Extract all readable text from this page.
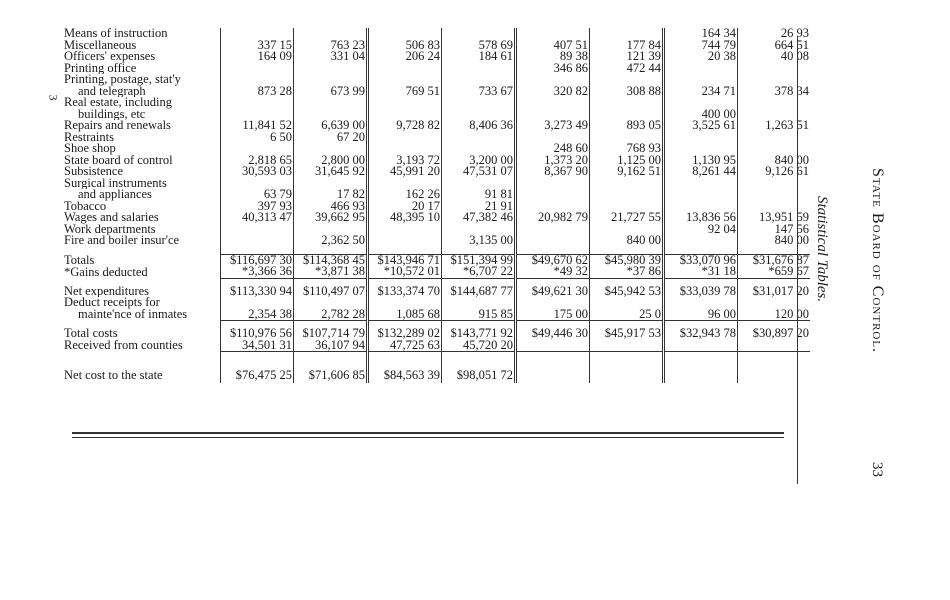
Means of instruction							164 34	26 93
Miscellaneous	337 15	763 23	506 83	578 69	407 51	177 84	744 79	664 51
Officers' expenses	164 09	331 04	206 24	184 61	89 38	121 39	20 38	40 08
Printing office					346 86	472 44		
Printing, postage, stat'y								
and telegraph	873 28	673 99	769 51	733 67	320 82	308 88	234 71	378 34
Real estate, including								
buildings, etc							400 00	
Repairs and renewals	11,841 52	6,639 00	9,728 82	8,406 36	3,273 49	893 05	3,525 61	1,263 51
Restraints	6 50	67 20						
Shoe shop					248 60	768 93		
State board of control	2,818 65	2,800 00	3,193 72	3,200 00	1,373 20	1,125 00	1,130 95	840 00
Subsistence	30,593 03	31,645 92	45,991 20	47,531 07	8,367 90	9,162 51	8,261 44	9,126 61
Surgical instruments								
and appliances	63 79	17 82	162 26	91 81				
Tobacco	397 93	466 93	20 17	21 91				
Wages and salaries	40,313 47	39,662 95	48,395 10	47,382 46	20,982 79	21,727 55	13,836 56	13,951 59
Work departments							92 04	147 56
Fire and boiler insur'ce		2,362 50		3,135 00		840 00		840 00

Totals	$116,697 30	$114,368 45	$143,946 71	$151,394 99	$49,670 62	$45,980 39	$33,070 96	$31,676 87
*Gains deducted	*3,366 36	*3,871 38	*10,572 01	*6,707 22	*49 32	*37 86	*31 18	*659 67

Net expenditures	$113,330 94	$110,497 07	$133,374 70	$144,687 77	$49,621 30	$45,942 53	$33,039 78	$31,017 20
Deduct receipts for								
mainte'nce of inmates	2,354 38	2,782 28	1,085 68	915 85	175 00	25 0	96 00	120 00

Total costs	$110,976 56	$107,714 79	$132,289 02	$143,771 92	$49,446 30	$45,917 53	$32,943 78	$30,897 20
Received from counties	34,501 31	36,107 94	47,725 63	45,720 20				

Net cost to the state	$76,475 25	$71,606 85	$84,563 39	$98,051 72				
State Board of Control.
Statistical Tables.
33
3
